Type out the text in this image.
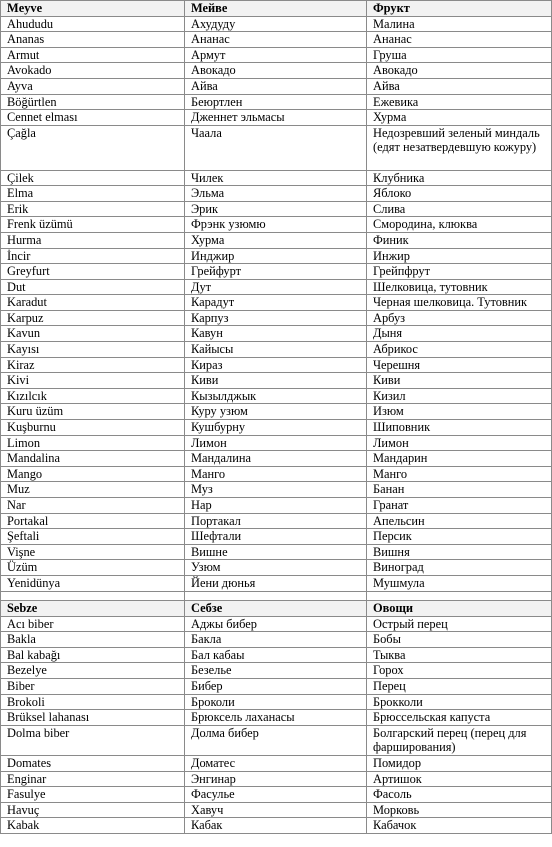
Meyve	Мейве	Фрукт
Ahududu	Ахудуду	Малина
Ananas	Ананас	Ананас
Armut	Армут	Груша
Avokado	Авокадо	Авокадо
Ayva	Айва	Айва
Böğürtlen	Беюртлен	Ежевика
Cennet elması	Дженнет эльмасы	Хурма
Çağla	Чаала	Недозревший зеленый миндаль (едят незатвердевшую кожуру)
Çilek	Чилек	Клубника
Elma	Эльма	Яблоко
Erik	Эрик	Слива
Frenk üzümü	Фрэнк узюмю	Смородина, клюква
Hurma	Хурма	Финик
İncir	Инджир	Инжир
Greyfurt	Грейфурт	Грейпфрут
Dut	Дут	Шелковица, тутовник
Karadut	Карадут	Черная шелковица. Тутовник
Karpuz	Карпуз	Арбуз
Kavun	Кавун	Дыня
Kayısı	Кайысы	Абрикос
Kiraz	Кираз	Черешня
Kivi	Киви	Киви
Kızılcık	Кызылджык	Кизил
Kuru üzüm	Куру узюм	Изюм
Kuşburnu	Кушбурну	Шиповник
Limon	Лимон	Лимон
Mandalina	Мандалина	Мандарин
Mango	Манго	Манго
Muz	Муз	Банан
Nar	Нар	Гранат
Portakal	Портакал	Апельсин
Şeftali	Шефтали	Персик
Vişne	Вишне	Вишня
Üzüm	Узюм	Виноград
Yenidünya	Йени дюнья	Мушмула

Sebze	Себзе	Овощи
Acı biber	Аджы бибер	Острый перец
Bakla	Бакла	Бобы
Bal kabağı	Бал кабаы	Тыква
Bezelye	Безелье	Горох
Biber	Бибер	Перец
Brokoli	Броколи	Брокколи
Brüksel lahanası	Брюксель лаханасы	Брюссельская капуста
Dolma biber	Долма бибер	Болгарский перец (перец для фарширования)
Domates	Доматес	Помидор
Enginar	Энгинар	Артишок
Fasulye	Фасулье	Фасоль
Havuç	Хавуч	Морковь
Kabak	Кабак	Кабачок
